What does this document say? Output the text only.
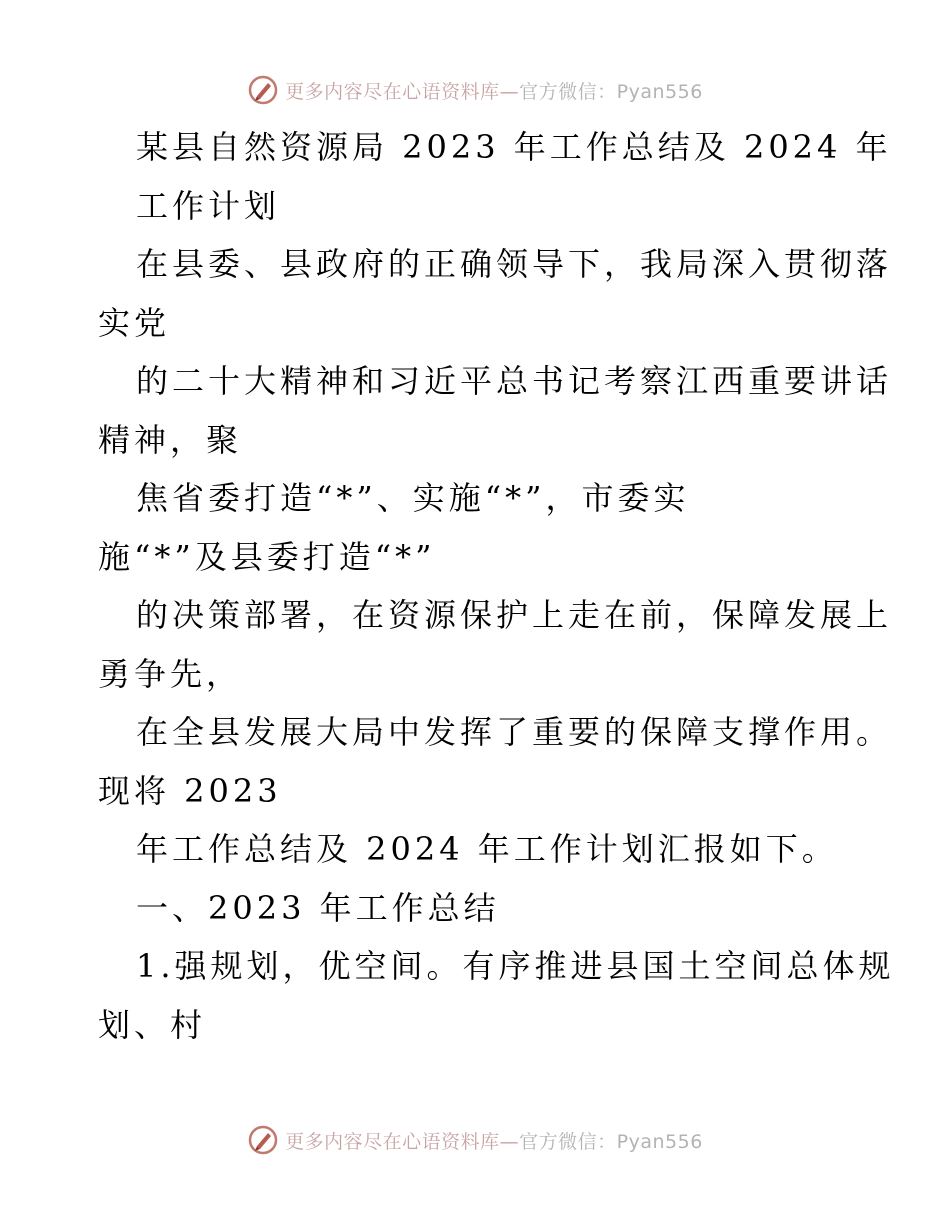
更多内容尽在心语资料库—官方微信：Pyan556
某县自然资源局 2023 年工作总结及 2024 年
工作计划
在县委、县政府的正确领导下，我局深入贯彻落
实党
的二十大精神和习近平总书记考察江西重要讲话
精神，聚
焦省委打造“*”、实施“*”，市委实
施“*”及县委打造“*”
的决策部署，在资源保护上走在前，保障发展上
勇争先，
在全县发展大局中发挥了重要的保障支撑作用。
现将 2023
年工作总结及 2024 年工作计划汇报如下。
一、2023 年工作总结
1.强规划，优空间。有序推进县国土空间总体规
划、村
更多内容尽在心语资料库—官方微信：Pyan556
